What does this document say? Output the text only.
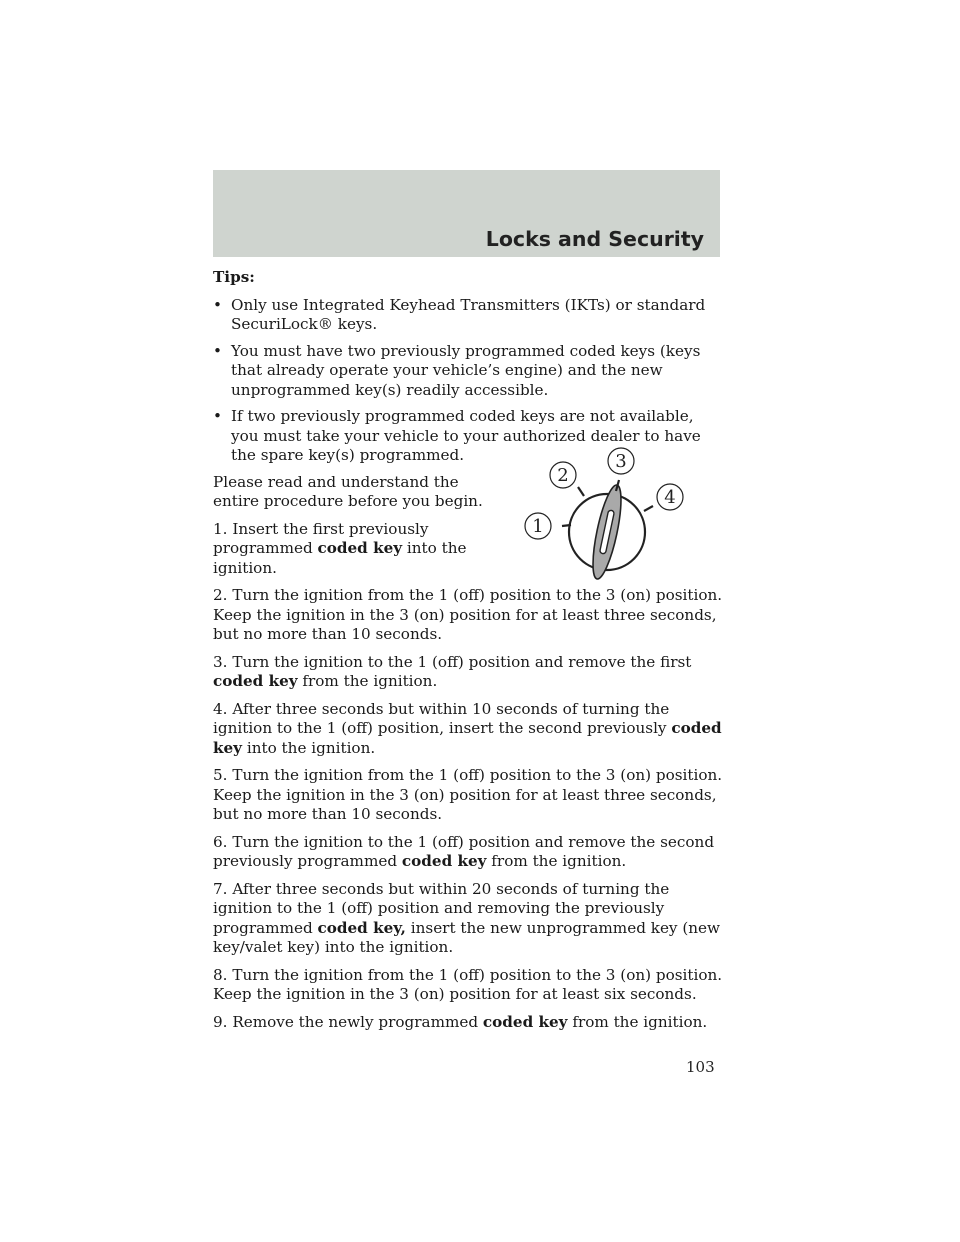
Locks and Security

Tips:

• Only use Integrated Keyhead Transmitters (IKTs) or standard SecuriLock® keys.
• You must have two previously programmed coded keys (keys that already operate your vehicle’s engine) and the new unprogrammed key(s) readily accessible.
• If two previously programmed coded keys are not available, you must take your vehicle to your authorized dealer to have the spare key(s) programmed.

Please read and understand the entire procedure before you begin.

1. Insert the first previously programmed coded key into the ignition.

2. Turn the ignition from the 1 (off) position to the 3 (on) position. Keep the ignition in the 3 (on) position for at least three seconds, but no more than 10 seconds.

3. Turn the ignition to the 1 (off) position and remove the first coded key from the ignition.

4. After three seconds but within 10 seconds of turning the ignition to the 1 (off) position, insert the second previously coded key into the ignition.

5. Turn the ignition from the 1 (off) position to the 3 (on) position. Keep the ignition in the 3 (on) position for at least three seconds, but no more than 10 seconds.

6. Turn the ignition to the 1 (off) position and remove the second previously programmed coded key from the ignition.

7. After three seconds but within 20 seconds of turning the ignition to the 1 (off) position and removing the previously programmed coded key, insert the new unprogrammed key (new key/valet key) into the ignition.

8. Turn the ignition from the 1 (off) position to the 3 (on) position. Keep the ignition in the 3 (on) position for at least six seconds.

9. Remove the newly programmed coded key from the ignition.

1
2
3
4
103
